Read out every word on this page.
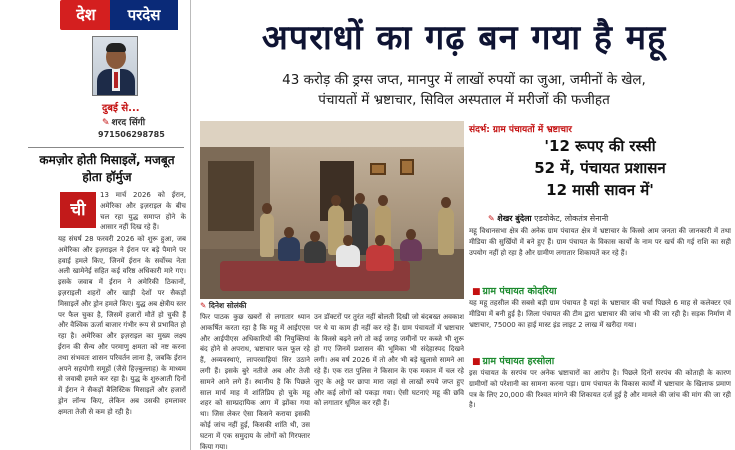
देश	परदेस
दुबई से...
✎ शरद सिंगी
971506298785
कमज़ोर होती मिसाइलें, मजबूत होता हॉर्मुज
ची
13 मार्च 2026 को ईरान, अमेरिका और इज़राइल के बीच चल रहा युद्ध समाप्त होने के आसार नहीं दिख रहे हैं।
यह संघर्ष 28 फरवरी 2026 को शुरू हुआ, जब अमेरिका और इज़राइल ने ईरान पर बड़े पैमाने पर हवाई हमले किए, जिनमें ईरान के सर्वोच्च नेता अली खामेनेई सहित कई वरिष्ठ अधिकारी मारे गए। इसके जवाब में ईरान ने अमेरिकी ठिकानों, इज़राइली शहरों और खाड़ी देशों पर सैकड़ों मिसाइलें और ड्रोन हमले किए। युद्ध अब क्षेत्रीय स्तर पर फैल चुका है, जिसमें हजारों मौतें हो चुकी हैं और वैश्विक ऊर्जा बाजार गंभीर रूप से प्रभावित हो रहा है। अमेरिका और इज़राइल का मुख्य लक्ष्य ईरान की सैन्य और परमाणु क्षमता को नष्ट करना तथा संभवतः शासन परिवर्तन लाना है, जबकि ईरान अपने सहयोगी समूहों (जैसे हिज़्बुल्लाह) के माध्यम से जवाबी हमले कर रहा है। युद्ध के शुरुआती दिनों में ईरान ने सैकड़ों बैलिस्टिक मिसाइलें और हजारों ड्रोन लॉन्च किए, लेकिन अब उसकी हमलावर क्षमता तेजी से कम हो रही है।
अपराधों का गढ़ बन गया है महू
43 करोड़ की ड्रग्स जप्त, मानपुर में लाखों रुपयों का जुआ, जमीनों के खेल,
पंचायतों में भ्रष्टाचार, सिविल अस्पताल में मरीजों की फजीहत
✎ दिनेश सोलंकी
फिर पाठक कुछ खबरों से लगातार ध्यान आकर्षित करता रहा है कि महू में आईएएस और आईपीएस अधिकारियों की नियुक्तियां बंद होने से अपराध, भ्रष्टाचार फल फूल रहे हैं, अव्यवस्थाएं, लापरवाहियां सिर उठाने लगी हैं। इसके बुरे नतीजे अब और तेजी सामने आने लगे हैं। स्थानीय है कि पिछले साल मार्च माह में शांतिप्रिय हो चुके महू शहर को साम्प्रदायिक आग में झोंका गया था। जिस लेकर ऐसा किसने कराया इसकी कोई जांच नहीं हुई, किसकी शांति थी, उस घटना में एक समुदाय के लोगों को गिरफ्तार किया गया।
उन डॉक्टरों पर तुरंत नहीं बोलती दिखी जो बंदबख्त अवकाश पर थे या काम ही नहीं कर रहे हैं। ग्राम पंचायतों में भ्रष्टाचार के किस्से बढ़ने लगे तो कई जगह जमीनों पर कब्जे भी शुरू हो गए जिनमें प्रशासन की भूमिका भी संदेहास्पद दिखने लगी। अब वर्ष 2026 में तो और भी बड़े खुलासे सामने आ रहे हैं। एक रात पुलिस ने किसान के एक मकान में चल रहे जुए के अड्डे पर छापा मारा जहां से लाखों रुपये जप्त हुए और कई लोगों को पकड़ा गया। ऐसी घटनाएं महू की छवि को लगातार धूमिल कर रही हैं।
संदर्भ: ग्राम पंचायतों में भ्रष्टाचार
'12 रूपए की रस्सी
52 में, पंचायत प्रशासन
12 मासी सावन में'
✎ शेखर बुंदेला एडवोकेट, लोकतंत्र सेनानी
महू विधानसभा क्षेत्र की अनेक ग्राम पंचायत क्षेत्र में भ्रष्टाचार के किस्से आम जनता की जानकारी में तथा मीडिया की सुर्खियों में बने हुए हैं। ग्राम पंचायत के विकास कार्यों के नाम पर खर्च की गई राशि का सही उपयोग नहीं हो रहा है और ग्रामीण लगातार शिकायतें कर रहे हैं।
■ ग्राम पंचायत कोदरिया
यह महू तहसील की सबसे बड़ी ग्राम पंचायत है यहां के भ्रष्टाचार की चर्चा पिछले 6 माह से कलेक्टर एवं मीडिया में बनी हुई है। जिला पंचायत की टीम द्वारा भ्रष्टाचार की जांच भी की जा रही है। सड़क निर्माण में भ्रष्टाचार, 75000 का हाई मास्ट इंड लाइट 2 लाख में खरीदा गया।
■ ग्राम पंचायत हरसोला
इस पंचायत के सरपंच पर अनेक भ्रष्टाचारों का आरोप है। पिछले दिनों सरपंच की कोताही के कारण ग्रामीणों को परेशानी का सामना करना पड़ा। ग्राम पंचायत के विकास कार्यों में भ्रष्टाचार के खिलाफ प्रमाण पत्र के लिए 20,000 की रिश्वत मांगने की शिकायत दर्ज हुई है और मामले की जांच की मांग की जा रही है।
